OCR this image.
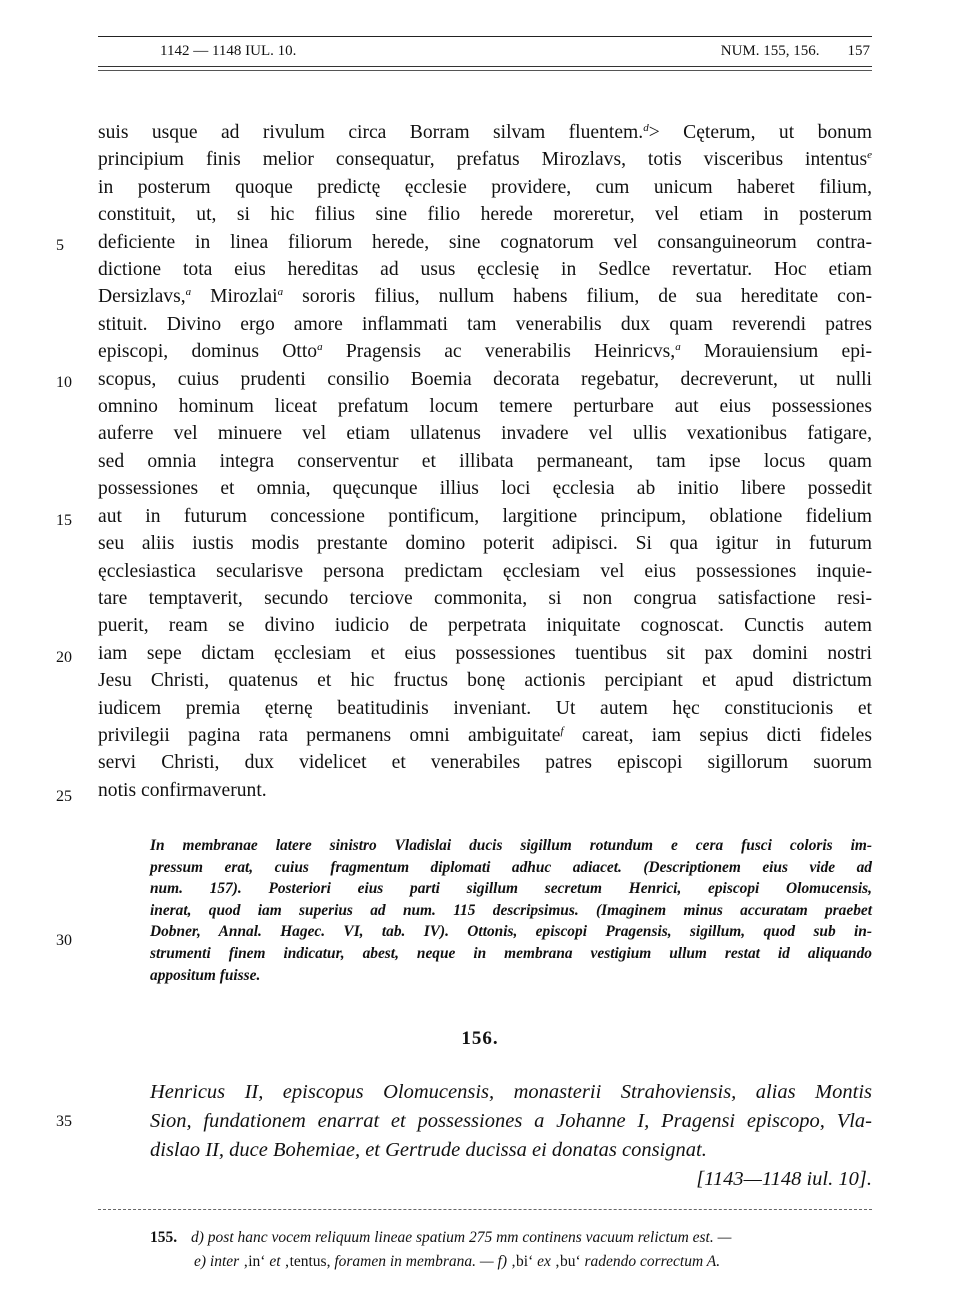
1142 — 1148 IUL. 10.	NUM. 155, 156. 157
5
10
15
20
25
30
35
suis usque ad rivulum circa Borram silvam fluentem.$^d$> Cęterum, ut bonum
principium finis melior consequatur, prefatus Mirozlavs, totis visceribus intentus$^e$
in posterum quoque predictę ęcclesie providere, cum unicum haberet filium,
constituit, ut, si hic filius sine filio herede moreretur, vel etiam in posterum
deficiente in linea filiorum herede, sine cognatorum vel consanguineorum contra-
dictione tota eius hereditas ad usus ęcclesię in Sedlce revertatur. Hoc etiam
Dersizlavs,$^a$ Mirozlai$^a$ sororis filius, nullum habens filium, de sua hereditate con-
stituit. Divino ergo amore inflammati tam venerabilis dux quam reverendi patres
episcopi, dominus Otto$^a$ Pragensis ac venerabilis Heinricvs,$^a$ Morauiensium epi-
scopus, cuius prudenti consilio Boemia decorata regebatur, decreverunt, ut nulli
omnino hominum liceat prefatum locum temere perturbare aut eius possessiones
auferre vel minuere vel etiam ullatenus invadere vel ullis vexationibus fatigare,
sed omnia integra conserventur et illibata permaneant, tam ipse locus quam
possessiones et omnia, quęcunque illius loci ęcclesia ab initio libere possedit
aut in futurum concessione pontificum, largitione principum, oblatione fidelium
seu aliis iustis modis prestante domino poterit adipisci. Si qua igitur in futurum
ęcclesiastica secularisve persona predictam ęcclesiam vel eius possessiones inquie-
tare temptaverit, secundo terciove commonita, si non congrua satisfactione resi-
puerit, ream se divino iudicio de perpetrata iniquitate cognoscat. Cunctis autem
iam sepe dictam ęcclesiam et eius possessiones tuentibus sit pax domini nostri
Jesu Christi, quatenus et hic fructus bonę actionis percipiant et apud districtum
iudicem premia ęternę beatitudinis inveniant. Ut autem hęc constitucionis et
privilegii pagina rata permanens omni ambiguitate$^f$ careat, iam sepius dicti fideles
servi Christi, dux videlicet et venerabiles patres episcopi sigillorum suorum
notis confirmaverunt.
In membranae latere sinistro Vladislai ducis sigillum rotundum e cera fusci coloris im-
pressum erat, cuius fragmentum diplomati adhuc adiacet. (Descriptionem eius vide ad
num. 157). Posteriori eius parti sigillum secretum Henrici, episcopi Olomucensis,
inerat, quod iam superius ad num. 115 descripsimus. (Imaginem minus accuratam praebet
Dobner, Annal. Hagec. VI, tab. IV). Ottonis, episcopi Pragensis, sigillum, quod sub in-
strumenti finem indicatur, abest, neque in membrana vestigium ullum restat id aliquando
appositum fuisse.
156.
Henricus II, episcopus Olomucensis, monasterii Strahoviensis, alias Montis
Sion, fundationem enarrat et possessiones a Johanne I, Pragensi episcopo, Vla-
dislao II, duce Bohemiae, et Gertrude ducissa ei donatas consignat.
[1143—1148 iul. 10].
155. d) post hanc vocem reliquum lineae spatium 275 mm continens vacuum relictum est. —
e) inter ‚in‘ et ‚tentus, foramen in membrana. — f) ‚bi‘ ex ‚bu‘ radendo correctum A.
